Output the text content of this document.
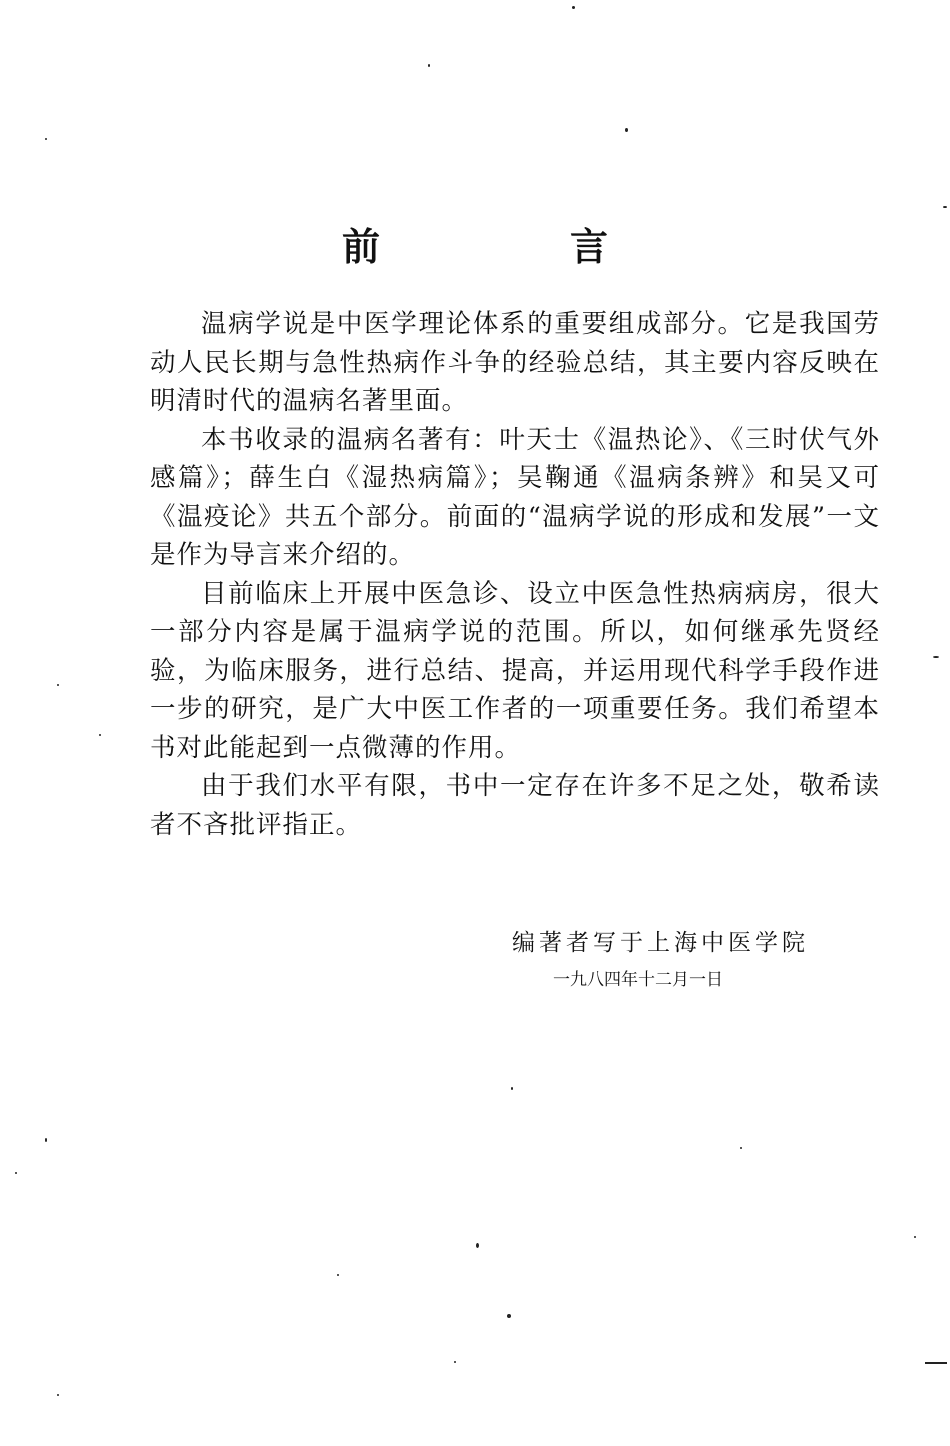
前　言

温病学说是中医学理论体系的重要组成部分。它是我国劳动人民长期与急性热病作斗争的经验总结，其主要内容反映在明清时代的温病名著里面。

本书收录的温病名著有：叶天士《温热论》、《三时伏气外感篇》；薛生白《湿热病篇》；吴鞠通《温病条辨》和吴又可《温疫论》共五个部分。前面的“温病学说的形成和发展”一文是作为导言来介绍的。

目前临床上开展中医急诊、设立中医急性热病病房，很大一部分内容是属于温病学说的范围。所以，如何继承先贤经验，为临床服务，进行总结、提高，并运用现代科学手段作进一步的研究，是广大中医工作者的一项重要任务。我们希望本书对此能起到一点微薄的作用。

由于我们水平有限，书中一定存在许多不足之处，敬希读者不吝批评指正。

编著者写于上海中医学院
一九八四年十二月一日
